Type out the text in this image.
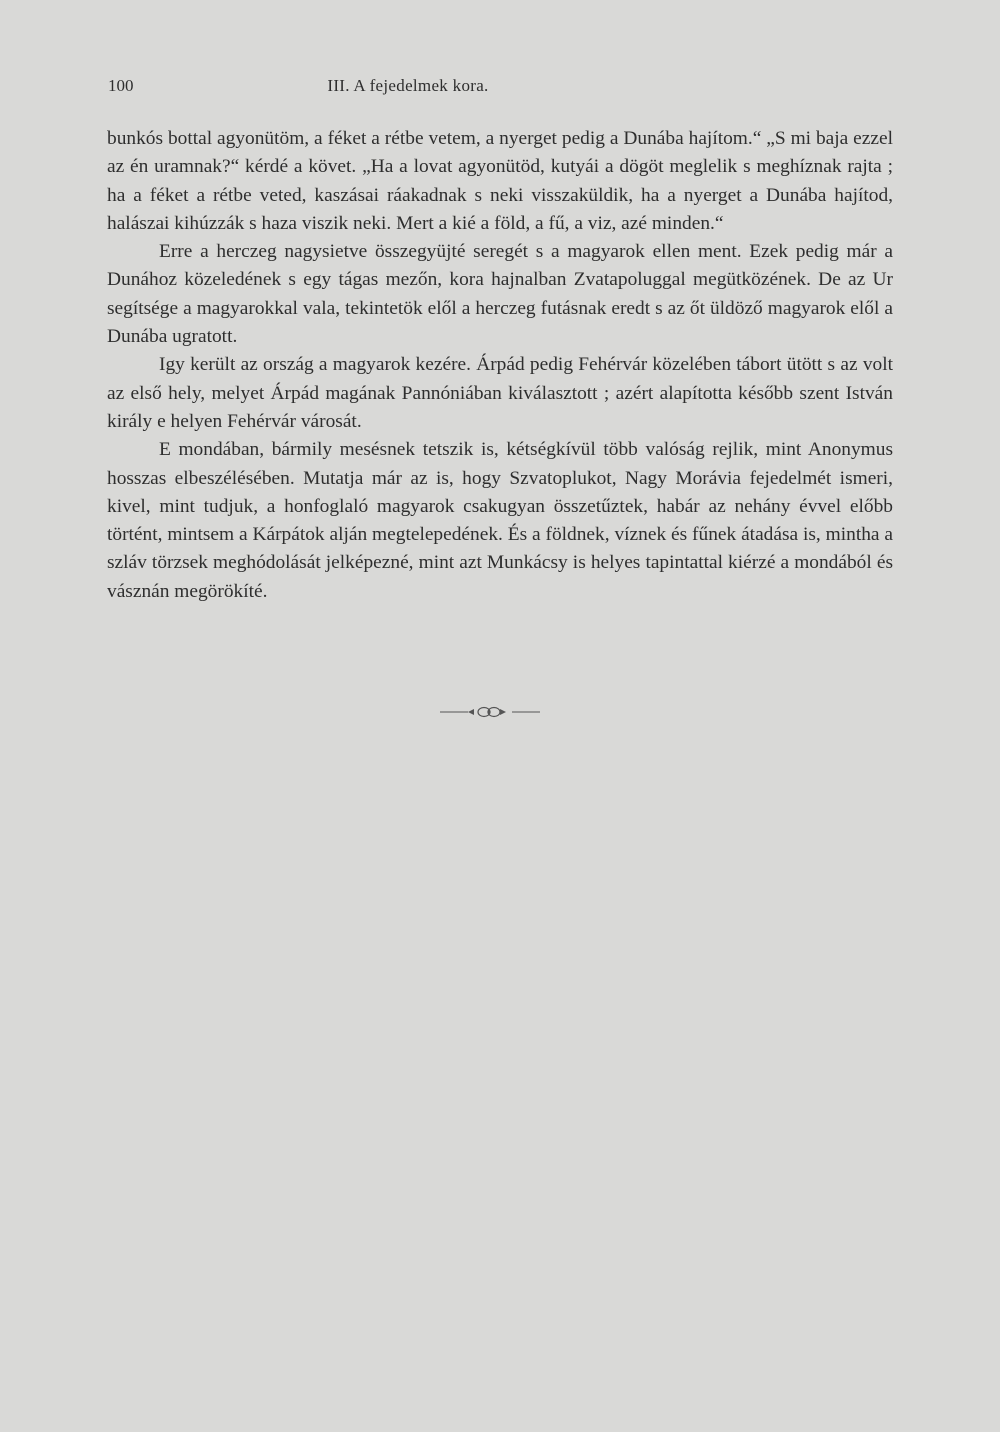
100	III. A fejedelmek kora.

bunkós bottal agyonütöm, a féket a rétbe vetem, a nyerget pedig a Dunába hajítom.“ „S mi baja ezzel az én uramnak?“ kérdé a követ. „Ha a lovat agyonütöd, kutyái a dögöt meglelik s meghíznak rajta ; ha a féket a rétbe veted, kaszásai ráakadnak s neki visszaküldik, ha a nyerget a Dunába hajítod, halászai kihúzzák s haza viszik neki. Mert a kié a föld, a fű, a viz, azé minden.“

Erre a herczeg nagysietve összegyüjté seregét s a magyarok ellen ment. Ezek pedig már a Dunához közeledének s egy tágas mezőn, kora hajnalban Zvatapoluggal megütközének. De az Ur segítsége a magyarokkal vala, tekintetök elől a herczeg futásnak eredt s az őt üldöző magyarok elől a Dunába ugratott.

Igy került az ország a magyarok kezére. Árpád pedig Fehérvár közelében tábort ütött s az volt az első hely, melyet Árpád magának Pannóniában kiválasztott ; azért alapította később szent István király e helyen Fehérvár városát.

E mondában, bármily mesésnek tetszik is, kétségkívül több valóság rejlik, mint Anonymus hosszas elbeszélésében. Mutatja már az is, hogy Szvatoplukot, Nagy Morávia fejedelmét ismeri, kivel, mint tudjuk, a honfoglaló magyarok csakugyan összetűztek, habár az nehány évvel előbb történt, mintsem a Kárpátok alján megtelepedének. És a földnek, víznek és fűnek átadása is, mintha a szláv törzsek meghódolását jelképezné, mint azt Munkácsy is helyes tapintattal kiérzé a mondából és vásznán megörökíté.
